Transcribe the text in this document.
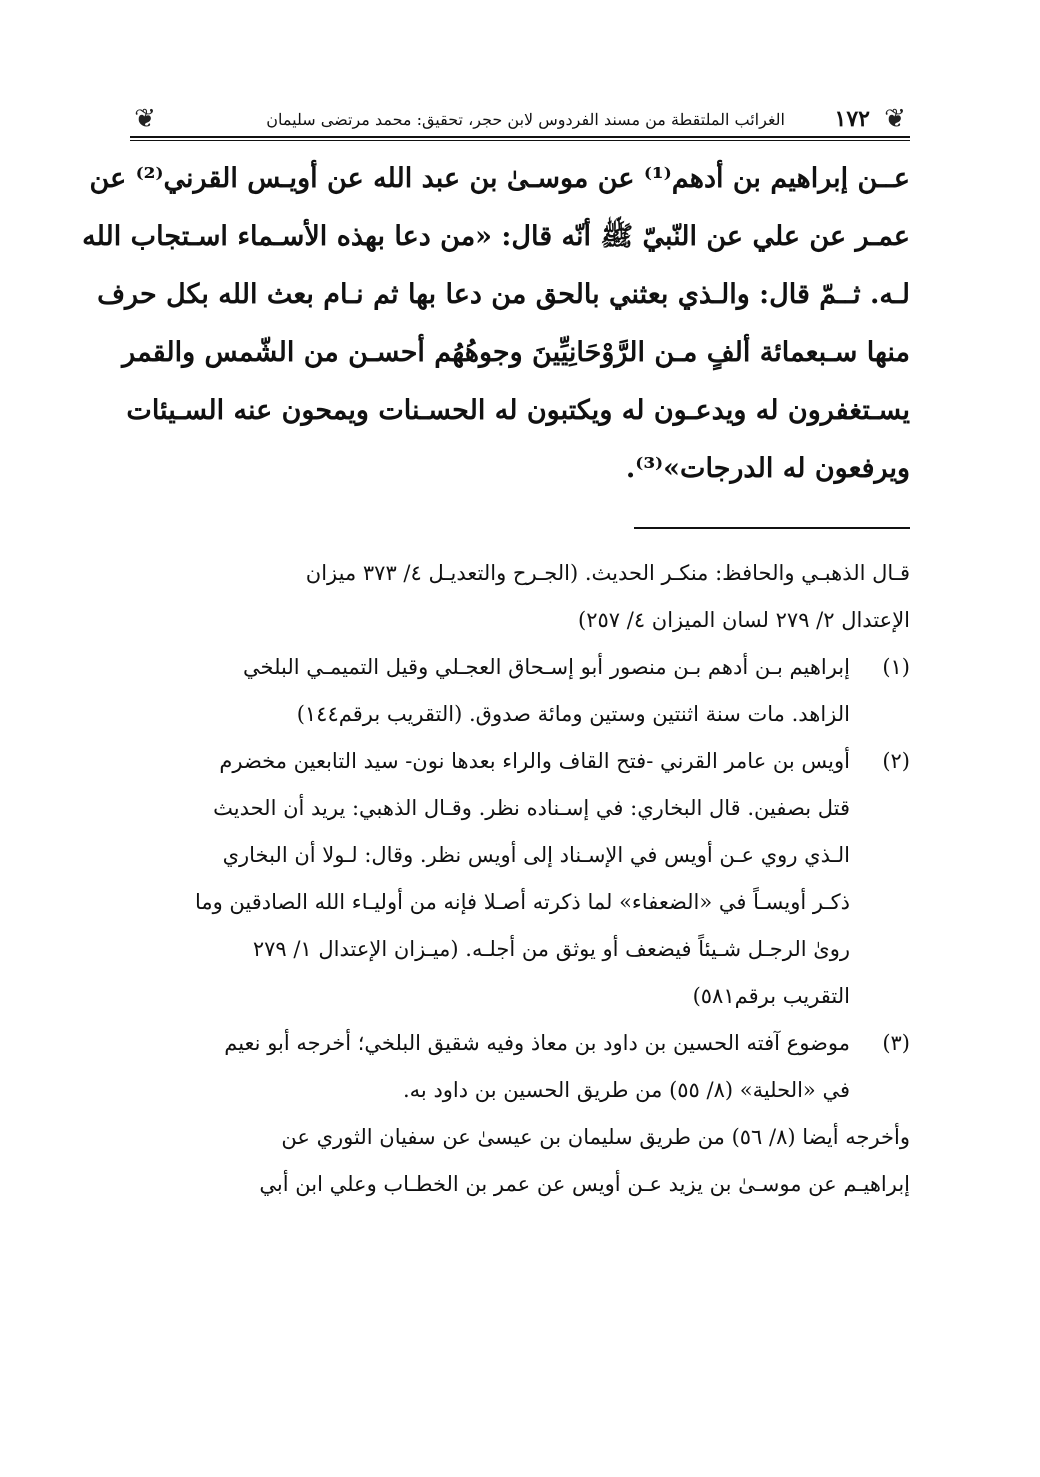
❦
١٧٢
الغرائب الملتقطة من مسند الفردوس لابن حجر، تحقيق: محمد مرتضى سليمان
❦
عــن إبراهيم بن أدهم⁽¹⁾ عن موسـىٰ بن عبد الله عن أويـس القرني⁽²⁾ عن
عمـر عن علي عن النّبيّ ﷺ أنّه قال: «من دعا بهذه الأسـماء اسـتجاب الله
لـه. ثــمّ قال: والـذي بعثني بالحق من دعا بها ثم نـام بعث الله بكل حرف
منها سـبعمائة ألفٍ مـن الرَّوْحَانِيِّينَ وجوهُهُم أحسـن من الشّمس والقمر
يسـتغفرون له ويدعـون له ويكتبون له الحسـنات ويمحون عنه السـيئات
ويرفعون له الدرجات»⁽³⁾.
قـال الذهبـي والحافظ: منكـر الحديث. (الجـرح والتعديـل ٤/ ٣٧٣ ميزان
الإعتدال ٢/ ٢٧٩ لسان الميزان ٤/ ٢٥٧)
(١)
إبراهيم بـن أدهم بـن منصور أبو إسـحاق العجـلي وقيل التميمـي البلخي
الزاهد. مات سنة اثنتين وستين ومائة صدوق. (التقريب برقم١٤٤)
(٢)
أويس بن عامر القرني -فتح القاف والراء بعدها نون- سيد التابعين مخضرم
قتل بصفين. قال البخاري: في إسـناده نظر. وقـال الذهبي: يريد أن الحديث
الـذي روي عـن أويس في الإسـناد إلى أويس نظر. وقال: لـولا أن البخاري
ذكـر أويسـاً في «الضعفاء» لما ذكرته أصـلا فإنه من أوليـاء الله الصادقين وما
روىٰ الرجـل شـيئاً فيضعف أو يوثق من أجلـه. (ميـزان الإعتدال ١/ ٢٧٩
التقريب برقم٥٨١)
(٣)
موضوع آفته الحسين بن داود بن معاذ وفيه شقيق البلخي؛ أخرجه أبو نعيم
في «الحلية» (٨/ ٥٥) من طريق الحسين بن داود به.
وأخرجه أيضا (٨/ ٥٦) من طريق سليمان بن عيسىٰ عن سفيان الثوري عن
إبراهيـم عن موسـىٰ بن يزيد عـن أويس عن عمر بن الخطـاب وعلي ابن أبي
